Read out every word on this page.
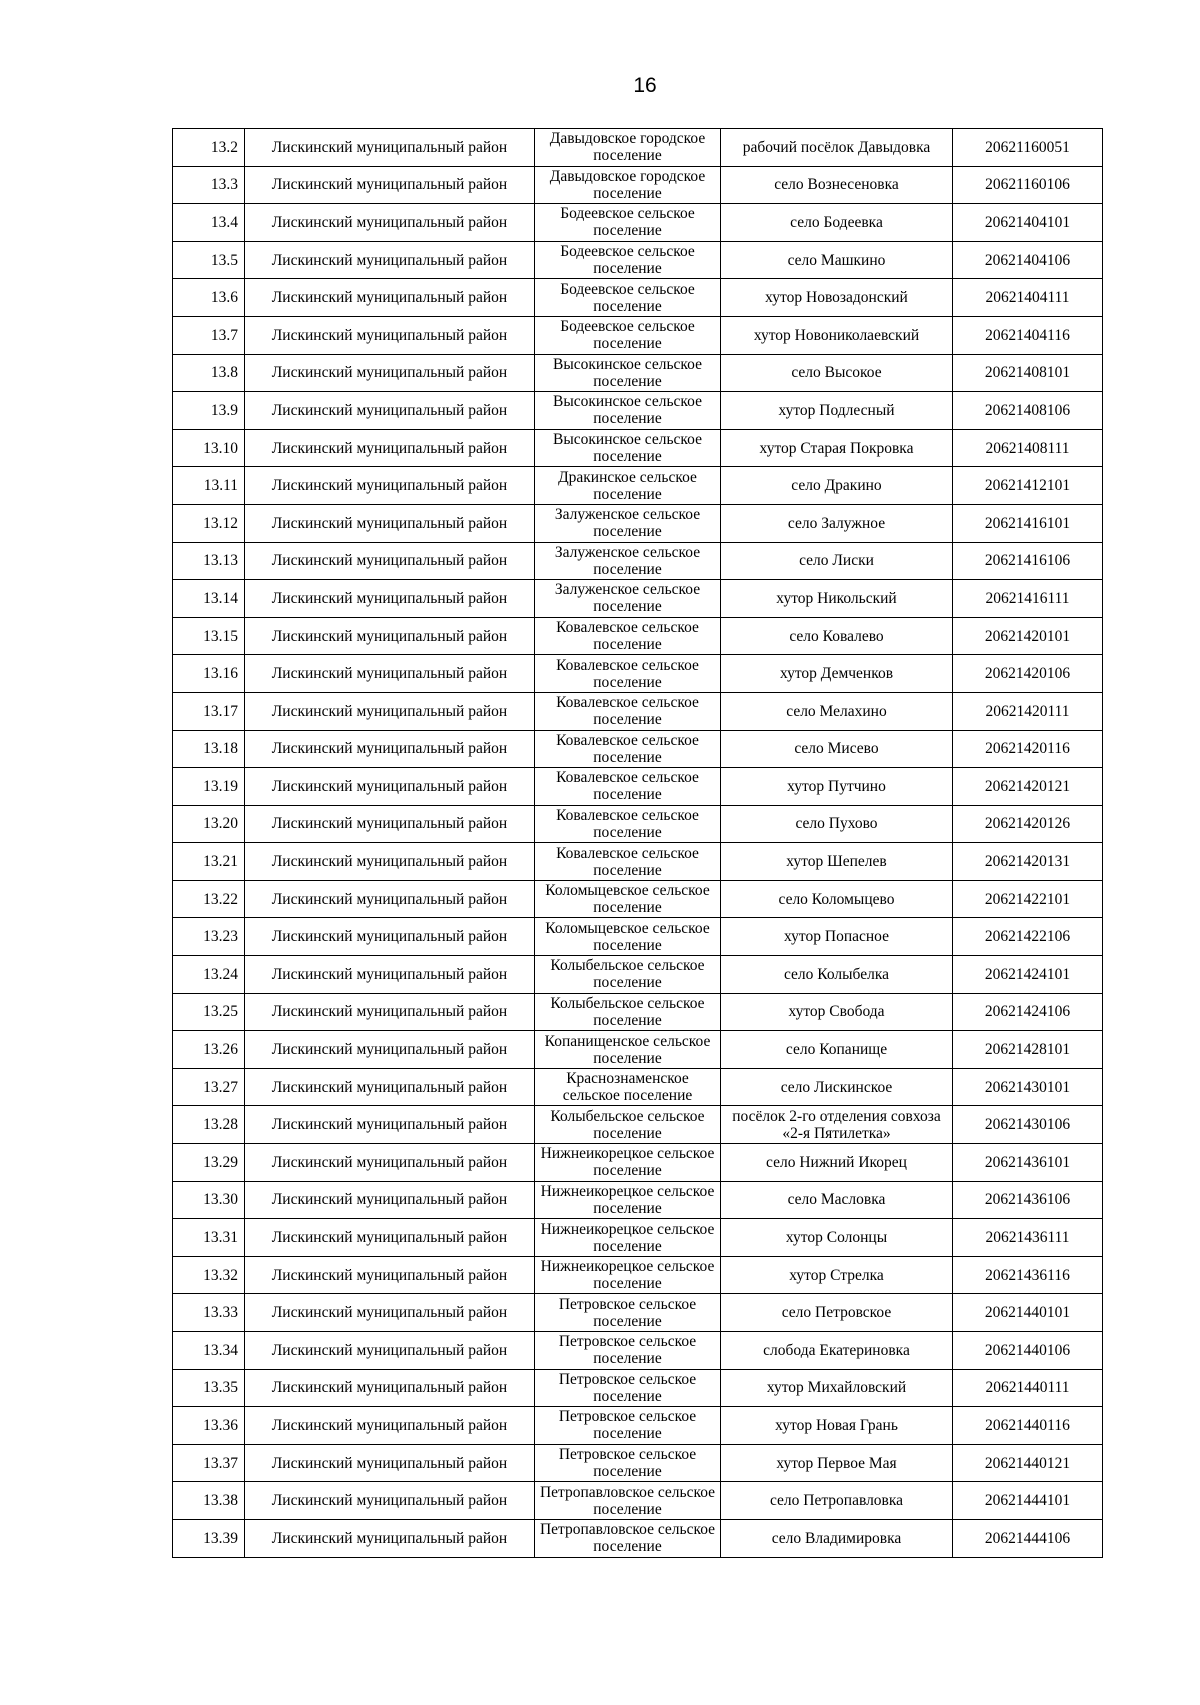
16
13.2	Лискинский муниципальный район	Давыдовское городское поселение	рабочий посёлок Давыдовка	20621160051
13.3	Лискинский муниципальный район	Давыдовское городское поселение	село Вознесеновка	20621160106
13.4	Лискинский муниципальный район	Бодеевское сельское поселение	село Бодеевка	20621404101
13.5	Лискинский муниципальный район	Бодеевское сельское поселение	село Машкино	20621404106
13.6	Лискинский муниципальный район	Бодеевское сельское поселение	хутор Новозадонский	20621404111
13.7	Лискинский муниципальный район	Бодеевское сельское поселение	хутор Новониколаевский	20621404116
13.8	Лискинский муниципальный район	Высокинское сельское поселение	село Высокое	20621408101
13.9	Лискинский муниципальный район	Высокинское сельское поселение	хутор Подлесный	20621408106
13.10	Лискинский муниципальный район	Высокинское сельское поселение	хутор Старая Покровка	20621408111
13.11	Лискинский муниципальный район	Дракинское сельское поселение	село Дракино	20621412101
13.12	Лискинский муниципальный район	Залуженское сельское поселение	село Залужное	20621416101
13.13	Лискинский муниципальный район	Залуженское сельское поселение	село Лиски	20621416106
13.14	Лискинский муниципальный район	Залуженское сельское поселение	хутор Никольский	20621416111
13.15	Лискинский муниципальный район	Ковалевское сельское поселение	село Ковалево	20621420101
13.16	Лискинский муниципальный район	Ковалевское сельское поселение	хутор Демченков	20621420106
13.17	Лискинский муниципальный район	Ковалевское сельское поселение	село Мелахино	20621420111
13.18	Лискинский муниципальный район	Ковалевское сельское поселение	село Мисево	20621420116
13.19	Лискинский муниципальный район	Ковалевское сельское поселение	хутор Путчино	20621420121
13.20	Лискинский муниципальный район	Ковалевское сельское поселение	село Пухово	20621420126
13.21	Лискинский муниципальный район	Ковалевское сельское поселение	хутор Шепелев	20621420131
13.22	Лискинский муниципальный район	Коломыцевское сельское поселение	село Коломыцево	20621422101
13.23	Лискинский муниципальный район	Коломыцевское сельское поселение	хутор Попасное	20621422106
13.24	Лискинский муниципальный район	Колыбельское сельское поселение	село Колыбелка	20621424101
13.25	Лискинский муниципальный район	Колыбельское сельское поселение	хутор Свобода	20621424106
13.26	Лискинский муниципальный район	Копанищенское сельское поселение	село Копанище	20621428101
13.27	Лискинский муниципальный район	Краснознаменское сельское поселение	село Лискинское	20621430101
13.28	Лискинский муниципальный район	Колыбельское сельское поселение	посёлок 2-го отделения совхоза «2-я Пятилетка»	20621430106
13.29	Лискинский муниципальный район	Нижнеикорецкое сельское поселение	село Нижний Икорец	20621436101
13.30	Лискинский муниципальный район	Нижнеикорецкое сельское поселение	село Масловка	20621436106
13.31	Лискинский муниципальный район	Нижнеикорецкое сельское поселение	хутор Солонцы	20621436111
13.32	Лискинский муниципальный район	Нижнеикорецкое сельское поселение	хутор Стрелка	20621436116
13.33	Лискинский муниципальный район	Петровское сельское поселение	село Петровское	20621440101
13.34	Лискинский муниципальный район	Петровское сельское поселение	слобода Екатериновка	20621440106
13.35	Лискинский муниципальный район	Петровское сельское поселение	хутор Михайловский	20621440111
13.36	Лискинский муниципальный район	Петровское сельское поселение	хутор Новая Грань	20621440116
13.37	Лискинский муниципальный район	Петровское сельское поселение	хутор Первое Мая	20621440121
13.38	Лискинский муниципальный район	Петропавловское сельское поселение	село Петропавловка	20621444101
13.39	Лискинский муниципальный район	Петропавловское сельское поселение	село Владимировка	20621444106
